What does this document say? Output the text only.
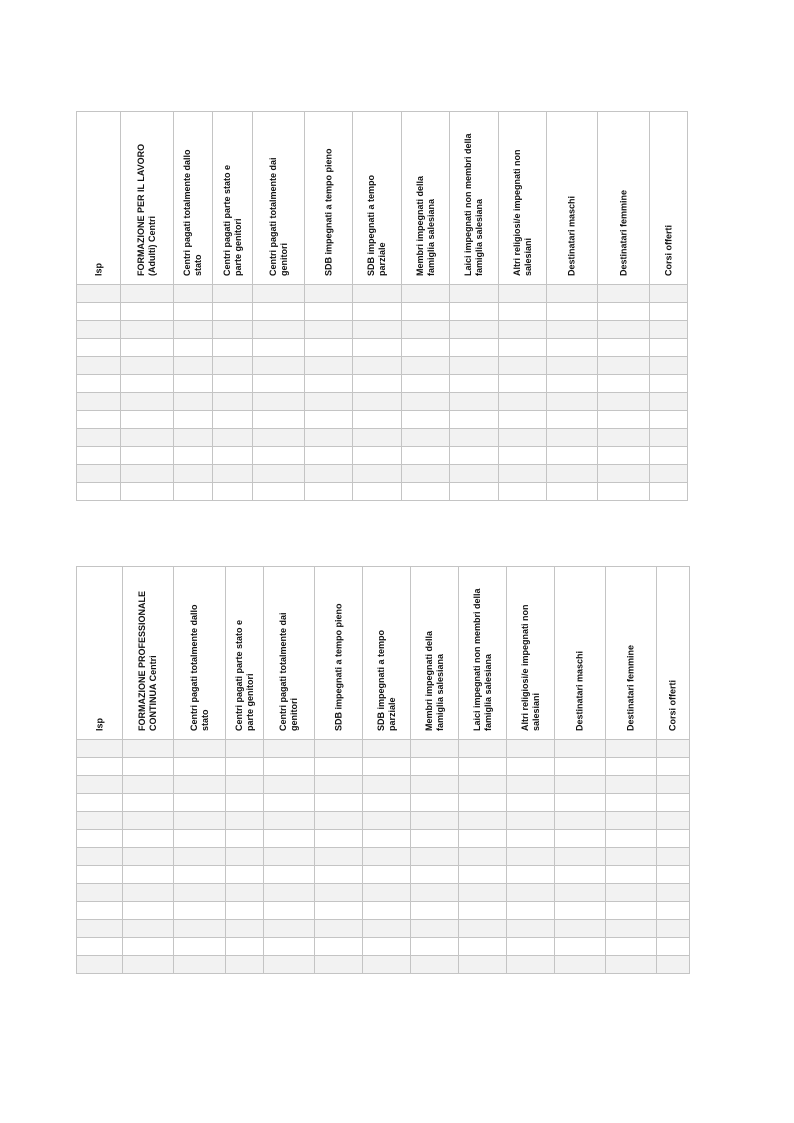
Isp	FORMAZIONE PER IL LAVORO (Adulti) Centri	Centri pagati totalmente dallo stato	Centri pagati parte stato e parte genitori	Centri pagati totalmente dai genitori	SDB impegnati a tempo pieno	SDB impegnati a tempo parziale	Membri impegnati della famiglia salesiana	Laici impegnati non membri della famiglia salesiana	Altri religiosi/e impegnati non salesiani	Destinatari maschi	Destinatari femmine	Corsi offerti

Isp	FORMAZIONE PROFESSIONALE CONTINUA Centri	Centri pagati totalmente dallo stato	Centri pagati parte stato e parte genitori	Centri pagati totalmente dai genitori	SDB impegnati a tempo pieno	SDB impegnati a tempo parziale	Membri impegnati della famiglia salesiana	Laici impegnati non membri della famiglia salesiana	Altri religiosi/e impegnati non salesiani	Destinatari maschi	Destinatari femmine	Corsi offerti
